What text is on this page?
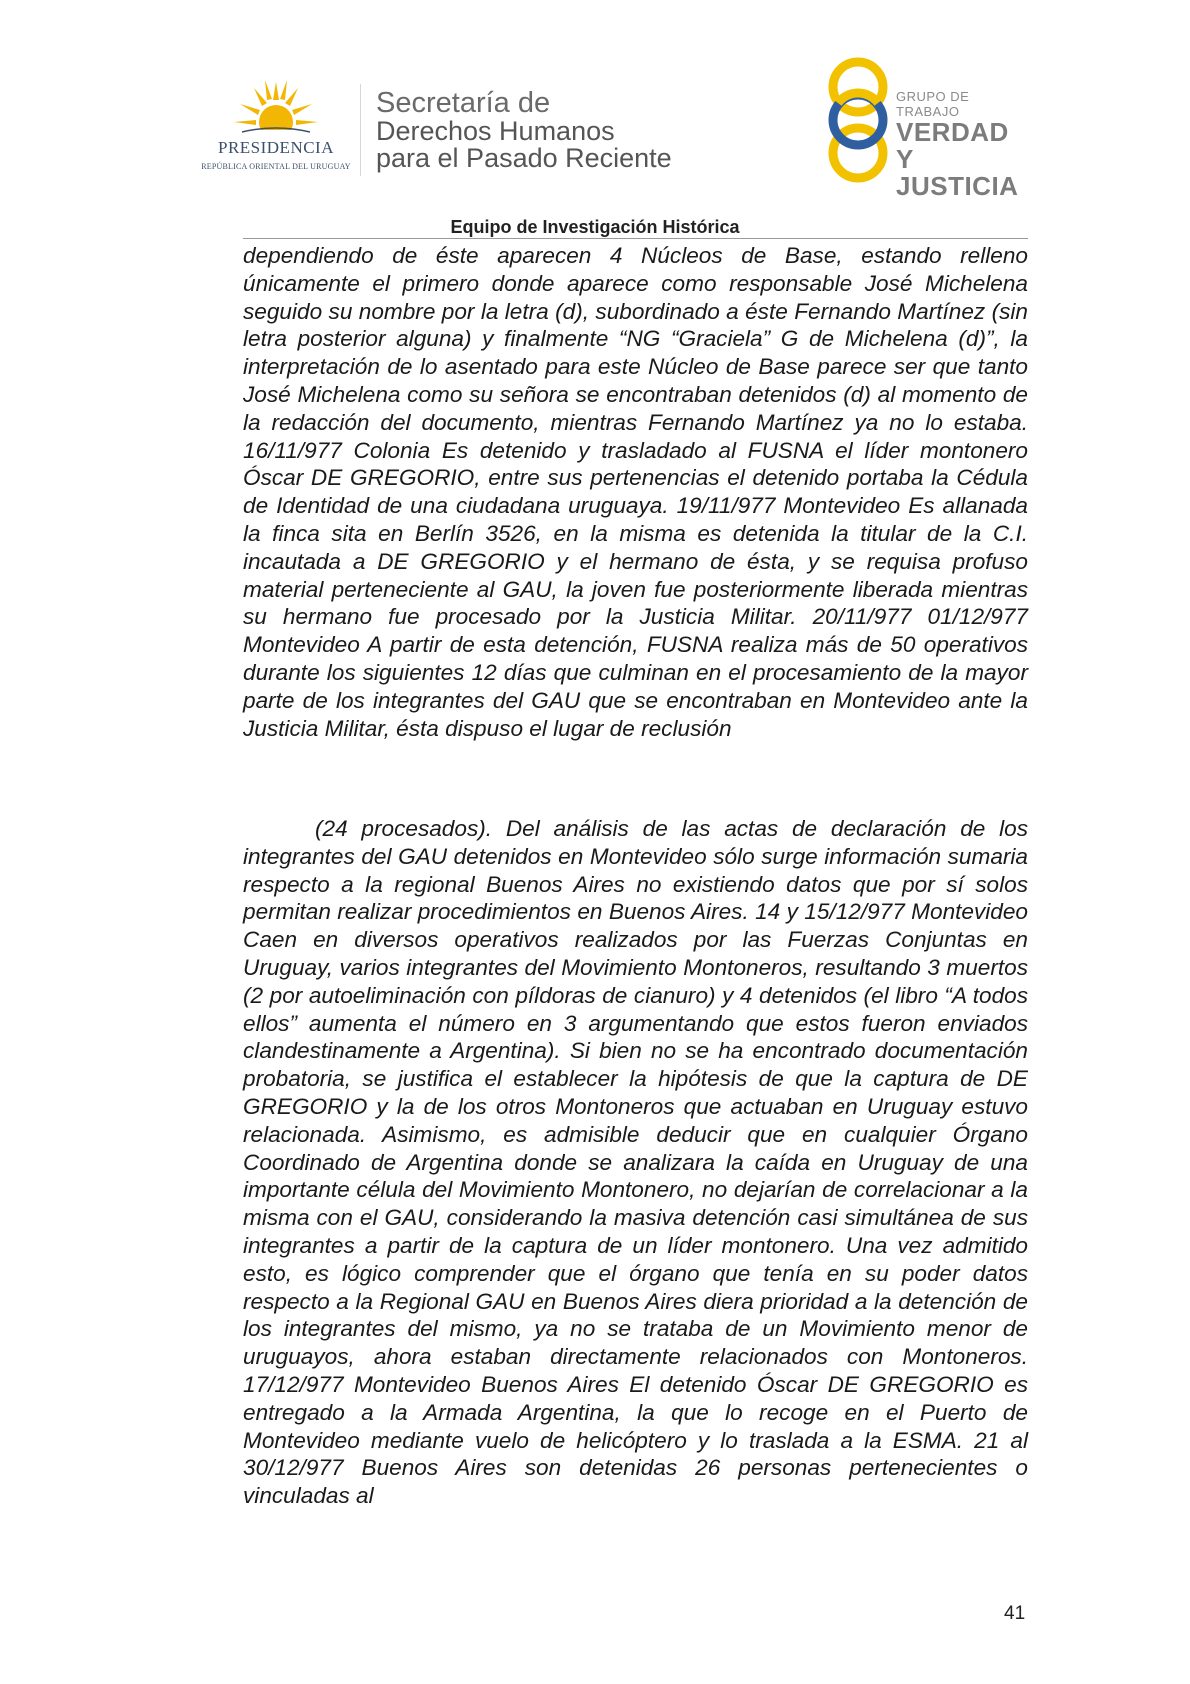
PRESIDENCIA
REPÚBLICA ORIENTAL DEL URUGUAY
Secretaría de
Derechos Humanos
para el Pasado Reciente
GRUPO DE TRABAJO
VERDAD Y
JUSTICIA
Equipo de Investigación Histórica

dependiendo de éste aparecen 4 Núcleos de Base, estando relleno únicamente el primero donde aparece como responsable José Michelena seguido su nombre por la letra (d), subordinado a éste Fernando Martínez (sin letra posterior alguna) y finalmente “NG “Graciela” G de Michelena (d)”, la interpretación de lo asentado para este Núcleo de Base parece ser que tanto José Michelena como su señora se encontraban detenidos (d) al momento de la redacción del documento, mientras Fernando Martínez ya no lo estaba. 16/11/977 Colonia Es detenido y trasladado al FUSNA el líder montonero Óscar DE GREGORIO, entre sus pertenencias el detenido portaba la Cédula de Identidad de una ciudadana uruguaya. 19/11/977 Montevideo Es allanada la finca sita en Berlín 3526, en la misma es detenida la titular de la C.I. incautada a DE GREGORIO y el hermano de ésta, y se requisa profuso material perteneciente al GAU, la joven fue posteriormente liberada mientras su hermano fue procesado por la Justicia Militar. 20/11/977 01/12/977 Montevideo A partir de esta detención, FUSNA realiza más de 50 operativos durante los siguientes 12 días que culminan en el procesamiento de la mayor parte de los integrantes del GAU que se encontraban en Montevideo ante la Justicia Militar, ésta dispuso el lugar de reclusión

(24 procesados). Del análisis de las actas de declaración de los integrantes del GAU detenidos en Montevideo sólo surge información sumaria respecto a la regional Buenos Aires no existiendo datos que por sí solos permitan realizar procedimientos en Buenos Aires. 14 y 15/12/977 Montevideo Caen en diversos operativos realizados por las Fuerzas Conjuntas en Uruguay, varios integrantes del Movimiento Montoneros, resultando 3 muertos (2 por autoeliminación con píldoras de cianuro) y 4 detenidos (el libro “A todos ellos” aumenta el número en 3 argumentando que estos fueron enviados clandestinamente a Argentina). Si bien no se ha encontrado documentación probatoria, se justifica el establecer la hipótesis de que la captura de DE GREGORIO y la de los otros Montoneros que actuaban en Uruguay estuvo relacionada. Asimismo, es admisible deducir que en cualquier Órgano Coordinado de Argentina donde se analizara la caída en Uruguay de una importante célula del Movimiento Montonero, no dejarían de correlacionar a la misma con el GAU, considerando la masiva detención casi simultánea de sus integrantes a partir de la captura de un líder montonero. Una vez admitido esto, es lógico comprender que el órgano que tenía en su poder datos respecto a la Regional GAU en Buenos Aires diera prioridad a la detención de los integrantes del mismo, ya no se trataba de un Movimiento menor de uruguayos, ahora estaban directamente relacionados con Montoneros. 17/12/977 Montevideo Buenos Aires El detenido Óscar DE GREGORIO es entregado a la Armada Argentina, la que lo recoge en el Puerto de Montevideo mediante vuelo de helicóptero y lo traslada a la ESMA. 21 al 30/12/977 Buenos Aires son detenidas 26 personas pertenecientes o vinculadas al

41
